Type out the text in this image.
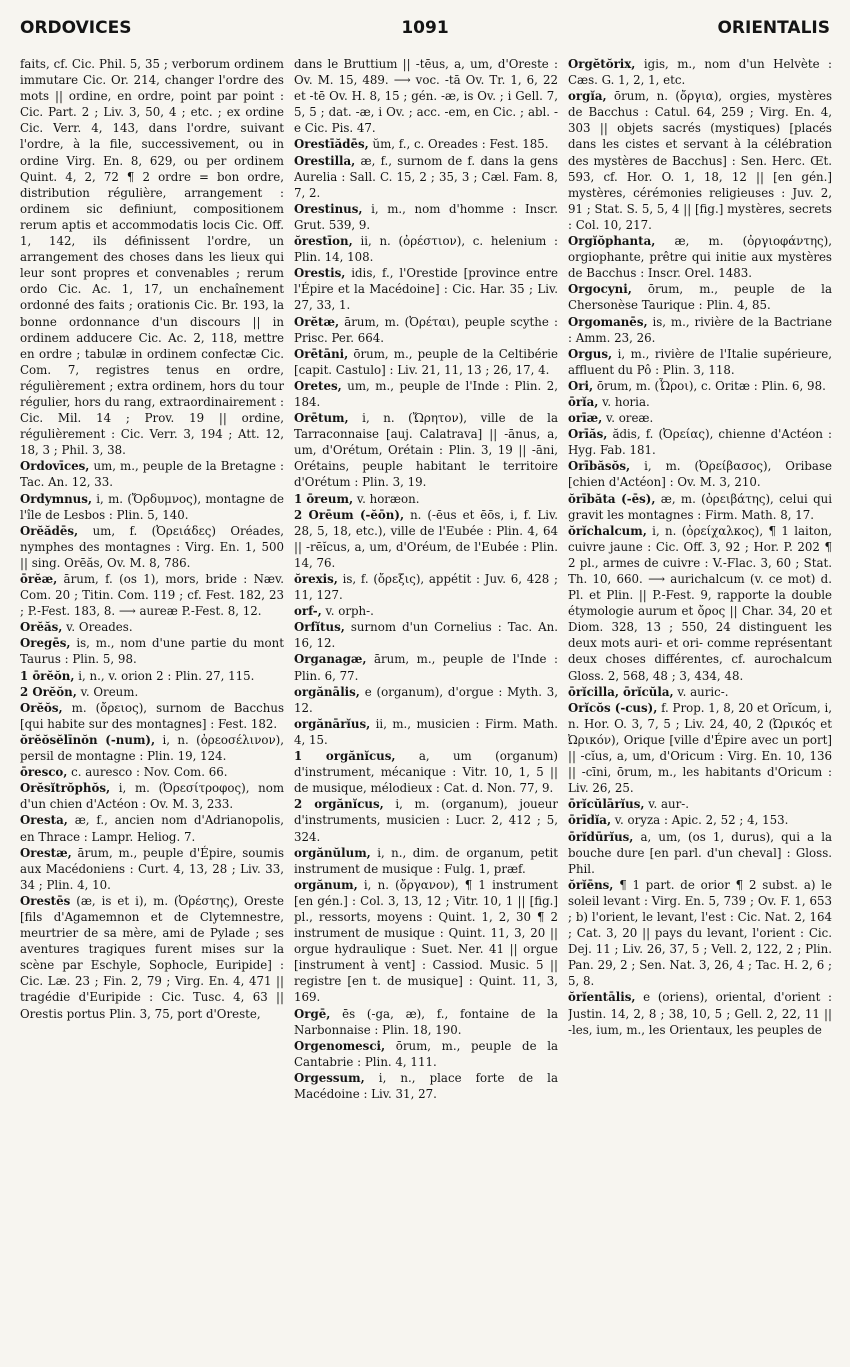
ORDOVICES	1091	ORIENTALIS

faits, cf. Cic. Phil. 5, 35 ; verborum ordinem immutare Cic. Or. 214, changer l'ordre des mots || ordine, en ordre, point par point : Cic. Part. 2 ; Liv. 3, 50, 4 ; etc. ; ex ordine Cic. Verr. 4, 143, dans l'ordre, suivant l'ordre, à la file, successivement, ou in ordine Virg. En. 8, 629, ou per ordinem Quint. 4, 2, 72 ¶ 2 ordre = bon ordre, distribution régulière, arrangement : ordinem sic definiunt, compositionem rerum aptis et accommodatis locis Cic. Off. 1, 142, ils définissent l'ordre, un arrangement des choses dans les lieux qui leur sont propres et convenables ; rerum ordo Cic. Ac. 1, 17, un enchaînement ordonné des faits ; orationis Cic. Br. 193, la bonne ordonnance d'un discours || in ordinem adducere Cic. Ac. 2, 118, mettre en ordre ; tabulæ in ordinem confectæ Cic. Com. 7, registres tenus en ordre, régulièrement ; extra ordinem, hors du tour régulier, hors du rang, extraordinairement : Cic. Mil. 14 ; Prov. 19 || ordine, régulièrement : Cic. Verr. 3, 194 ; Att. 12, 18, 3 ; Phil. 3, 38.

Ordovīces, um, m., peuple de la Bretagne : Tac. An. 12, 33.

Ordymnus, i, m. (Ὄρδυμνος), montagne de l'île de Lesbos : Plin. 5, 140.

Orĕădēs, um, f. (Ὀρειάδες) Oréades, nymphes des montagnes : Virg. En. 1, 500 || sing. Orēăs, Ov. M. 8, 786.

ōrĕæ, ārum, f. (os 1), mors, bride : Næv. Com. 20 ; Titin. Com. 119 ; cf. Fest. 182, 23 ; P.-Fest. 183, 8. ⟶ aureæ P.-Fest. 8, 12.

Orĕăs, v. Oreades.

Oregēs, is, m., nom d'une partie du mont Taurus : Plin. 5, 98.

1 ōrĕŏn, i, n., v. orion 2 : Plin. 27, 115.

2 Orĕŏn, v. Oreum.

Orĕŏs, m. (ὄρειος), surnom de Bacchus [qui habite sur des montagnes] : Fest. 182.

ŏrĕŏsĕlīnŏn (-num), i, n. (ὀρεοσέλινον), persil de montagne : Plin. 19, 124.

ōresco, c. auresco : Nov. Com. 66.

Orĕsĭtrŏphŏs, i, m. (Ὀρεσίτροφος), nom d'un chien d'Actéon : Ov. M. 3, 233.

Oresta, æ, f., ancien nom d'Adrianopolis, en Thrace : Lampr. Heliog. 7.

Orestæ, ārum, m., peuple d'Épire, soumis aux Macédoniens : Curt. 4, 13, 28 ; Liv. 33, 34 ; Plin. 4, 10.

Orestēs (æ, is et i), m. (Ὀρέστης), Oreste [fils d'Agamemnon et de Clytemnestre, meurtrier de sa mère, ami de Pylade ; ses aventures tragiques furent mises sur la scène par Eschyle, Sophocle, Euripide] : Cic. Læ. 23 ; Fin. 2, 79 ; Virg. En. 4, 471 || tragédie d'Euripide : Cic. Tusc. 4, 63 || Orestis portus Plin. 3, 75, port d'Oreste,

dans le Bruttium || -tēus, a, um, d'Oreste : Ov. M. 15, 489. ⟶ voc. -tā Ov. Tr. 1, 6, 22 et -tē Ov. H. 8, 15 ; gén. -æ, is Ov. ; i Gell. 7, 5, 5 ; dat. -æ, i Ov. ; acc. -em, en Cic. ; abl. -e Cic. Pis. 47.

Orestīădēs, ŭm, f., c. Oreades : Fest. 185.

Orestilla, æ, f., surnom de f. dans la gens Aurelia : Sall. C. 15, 2 ; 35, 3 ; Cæl. Fam. 8, 7, 2.

Orestinus, i, m., nom d'homme : Inscr. Grut. 539, 9.

ŏrestīon, ii, n. (ὀρέστιον), c. helenium : Plin. 14, 108.

Orestis, idis, f., l'Orestide [province entre l'Épire et la Macédoine] : Cic. Har. 35 ; Liv. 27, 33, 1.

Orĕtæ, ārum, m. (Ὀρέται), peuple scythe : Prisc. Per. 664.

Orētāni, ōrum, m., peuple de la Celtibérie [capit. Castulo] : Liv. 21, 11, 13 ; 26, 17, 4.

Oretes, um, m., peuple de l'Inde : Plin. 2, 184.

Orētum, i, n. (Ὤρητον), ville de la Tarraconnaise [auj. Calatrava] || -ānus, a, um, d'Orétum, Orétain : Plin. 3, 19 || -āni, Orétains, peuple habitant le territoire d'Orétum : Plin. 3, 19.

1 ōreum, v. horæon.

2 Orēum (-ĕōn), n. (-ēus et ēōs, i, f. Liv. 28, 5, 18, etc.), ville de l'Eubée : Plin. 4, 64 || -rēĭcus, a, um, d'Oréum, de l'Eubée : Plin. 14, 76.

ŏrexis, is, f. (ὄρεξις), appétit : Juv. 6, 428 ; 11, 127.

orf-, v. orph-.

Orfĭtus, surnom d'un Cornelius : Tac. An. 16, 12.

Organagæ, ārum, m., peuple de l'Inde : Plin. 6, 77.

orgănālis, e (organum), d'orgue : Myth. 3, 12.

orgănārĭus, ii, m., musicien : Firm. Math. 4, 15.

1 orgănĭcus, a, um (organum) d'instrument, mécanique : Vitr. 10, 1, 5 || de musique, mélodieux : Cat. d. Non. 77, 9.

2 orgănĭcus, i, m. (organum), joueur d'instruments, musicien : Lucr. 2, 412 ; 5, 324.

orgănŭlum, i, n., dim. de organum, petit instrument de musique : Fulg. 1, præf.

orgănum, i, n. (ὄργανον), ¶ 1 instrument [en gén.] : Col. 3, 13, 12 ; Vitr. 10, 1 || [fig.] pl., ressorts, moyens : Quint. 1, 2, 30 ¶ 2 instrument de musique : Quint. 11, 3, 20 || orgue hydraulique : Suet. Ner. 41 || orgue [instrument à vent] : Cassiod. Music. 5 || registre [en t. de musique] : Quint. 11, 3, 169.

Orgē, ēs (-ga, æ), f., fontaine de la Narbonnaise : Plin. 18, 190.

Orgenomesci, ōrum, m., peuple de la Cantabrie : Plin. 4, 111.

Orgessum, i, n., place forte de la Macédoine : Liv. 31, 27.

Orgĕtŏrix, igis, m., nom d'un Helvète : Cæs. G. 1, 2, 1, etc.

orgĭa, ōrum, n. (ὄργια), orgies, mystères de Bacchus : Catul. 64, 259 ; Virg. En. 4, 303 || objets sacrés (mystiques) [placés dans les cistes et servant à la célébration des mystères de Bacchus] : Sen. Herc. Œt. 593, cf. Hor. O. 1, 18, 12 || [en gén.] mystères, cérémonies religieuses : Juv. 2, 91 ; Stat. S. 5, 5, 4 || [fig.] mystères, secrets : Col. 10, 217.

Orgĭŏphanta, æ, m. (ὀργιοφάντης), orgiophante, prêtre qui initie aux mystères de Bacchus : Inscr. Orel. 1483.

Orgocyni, ōrum, m., peuple de la Chersonèse Taurique : Plin. 4, 85.

Orgomanēs, is, m., rivière de la Bactriane : Amm. 23, 26.

Orgus, i, m., rivière de l'Italie supérieure, affluent du Pô : Plin. 3, 118.

Ori, ōrum, m. (Ὦροι), c. Oritæ : Plin. 6, 98.

ōrĭa, v. horia.

orīæ, v. oreæ.

Orīăs, ădis, f. (Ὀρείας), chienne d'Actéon : Hyg. Fab. 181.

Orībăsŏs, i, m. (Ὀρείβασος), Oribase [chien d'Actéon] : Ov. M. 3, 210.

ŏrībăta (-ēs), æ, m. (ὀρειβάτης), celui qui gravit les montagnes : Firm. Math. 8, 17.

ŏrĭchalcum, i, n. (ὀρείχαλκος), ¶ 1 laiton, cuivre jaune : Cic. Off. 3, 92 ; Hor. P. 202 ¶ 2 pl., armes de cuivre : V.-Flac. 3, 60 ; Stat. Th. 10, 660. ⟶ aurichalcum (v. ce mot) d. Pl. et Plin. || P.-Fest. 9, rapporte la double étymologie aurum et ὄρος || Char. 34, 20 et Diom. 328, 13 ; 550, 24 distinguent les deux mots auri- et ori- comme représentant deux choses différentes, cf. aurochalcum Gloss. 2, 568, 48 ; 3, 434, 48.

ōrĭcilla, ōrĭcŭla, v. auric-.

Orĭcŏs (-cus), f. Prop. 1, 8, 20 et Orĭcum, i, n. Hor. O. 3, 7, 5 ; Liv. 24, 40, 2 (Ὠρικός et Ὠρικόν), Orique [ville d'Épire avec un port] || -cĭus, a, um, d'Oricum : Virg. En. 10, 136 || -cīni, ōrum, m., les habitants d'Oricum : Liv. 26, 25.

ōrĭcŭlārĭus, v. aur-.

ōrīdĭa, v. oryza : Apic. 2, 52 ; 4, 153.

ōrĭdūrĭus, a, um, (os 1, durus), qui a la bouche dure [en parl. d'un cheval] : Gloss. Phil.

ŏrĭēns, ¶ 1 part. de orior ¶ 2 subst. a) le soleil levant : Virg. En. 5, 739 ; Ov. F. 1, 653 ; b) l'orient, le levant, l'est : Cic. Nat. 2, 164 ; Cat. 3, 20 || pays du levant, l'orient : Cic. Dej. 11 ; Liv. 26, 37, 5 ; Vell. 2, 122, 2 ; Plin. Pan. 29, 2 ; Sen. Nat. 3, 26, 4 ; Tac. H. 2, 6 ; 5, 8.

ŏrĭentālis, e (oriens), oriental, d'orient : Justin. 14, 2, 8 ; 38, 10, 5 ; Gell. 2, 22, 11 || -les, ium, m., les Orientaux, les peuples de
